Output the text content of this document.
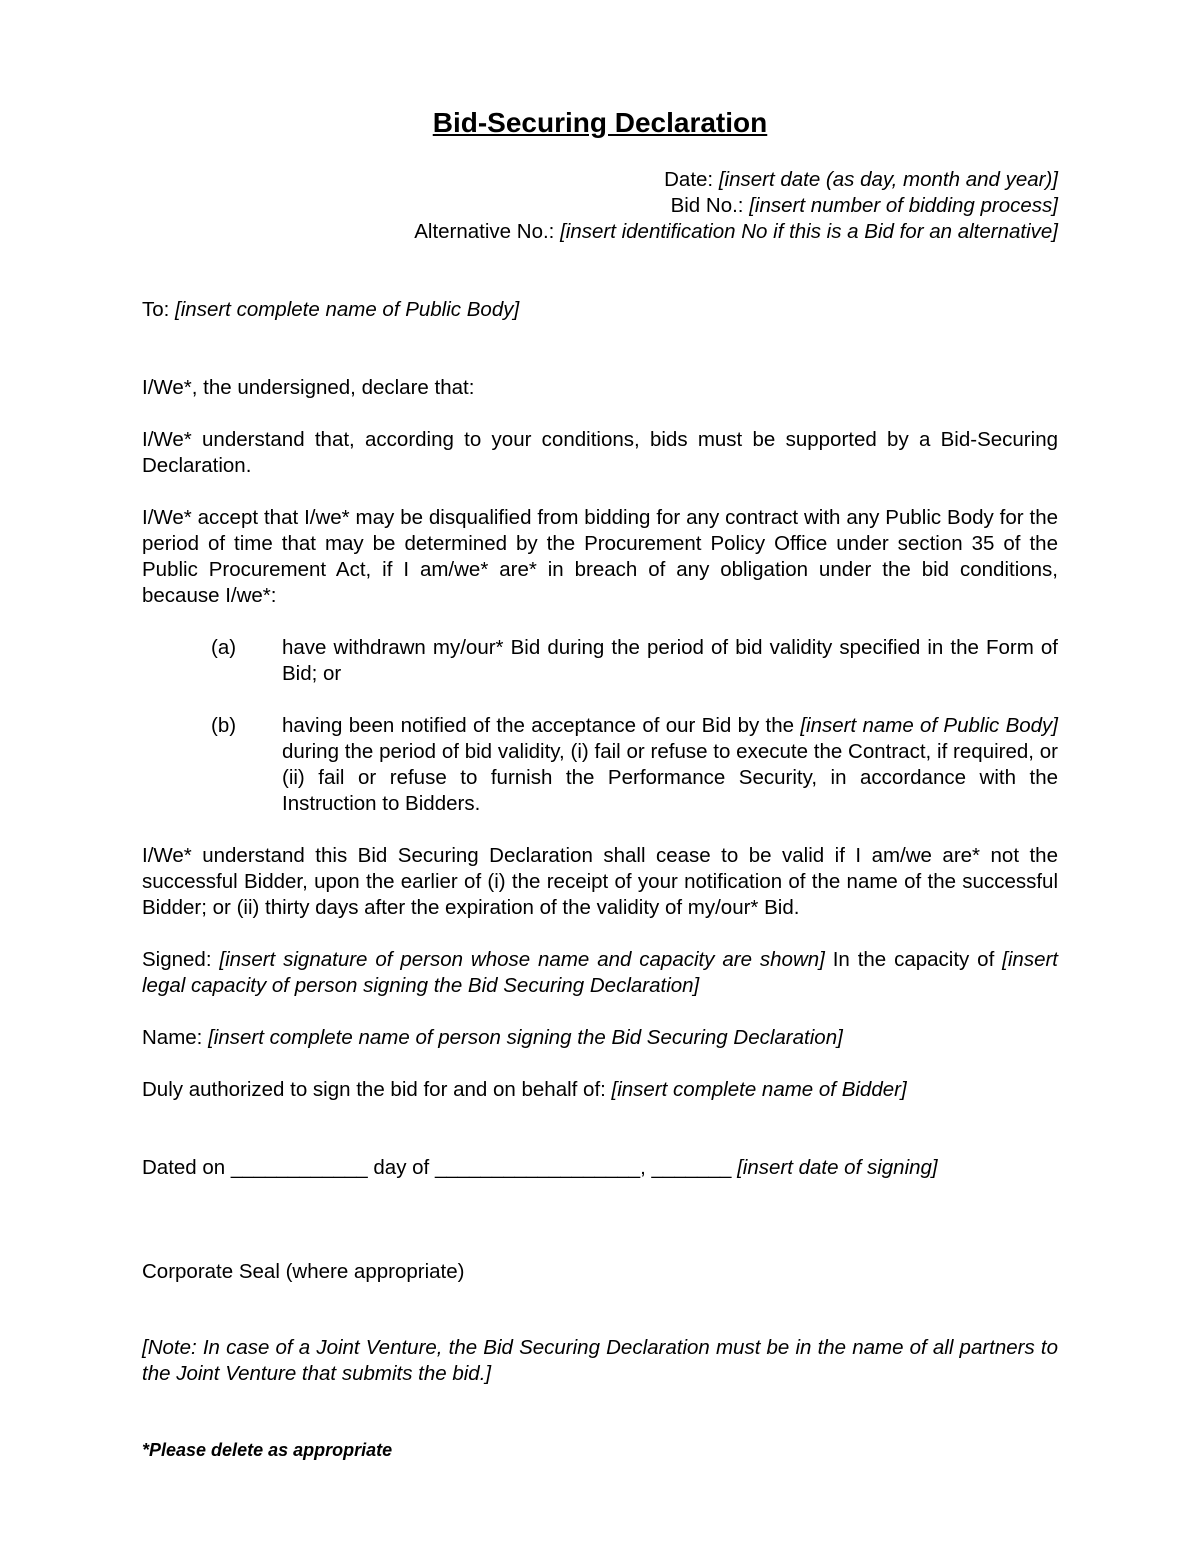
Bid-Securing Declaration
Date: [insert date (as day, month and year)]
Bid No.: [insert number of bidding process]
Alternative No.: [insert identification No if this is a Bid for an alternative]
To: [insert complete name of Public Body]
I/We*, the undersigned, declare that:
I/We* understand that, according to your conditions, bids must be supported by a Bid-Securing Declaration.
I/We* accept that I/we* may be disqualified from bidding for any contract with any Public Body for the period of time that may be determined by the Procurement Policy Office under section 35 of the Public Procurement Act, if I am/we* are* in breach of any obligation under the bid conditions, because I/we*:
(a) have withdrawn my/our* Bid during the period of bid validity specified in the Form of Bid; or
(b) having been notified of the acceptance of our Bid by the [insert name of Public Body] during the period of bid validity, (i) fail or refuse to execute the Contract, if required, or (ii) fail or refuse to furnish the Performance Security, in accordance with the Instruction to Bidders.
I/We* understand this Bid Securing Declaration shall cease to be valid if I am/we are* not the successful Bidder, upon the earlier of (i) the receipt of your notification of the name of the successful Bidder; or (ii) thirty days after the expiration of the validity of my/our* Bid.
Signed: [insert signature of person whose name and capacity are shown] In the capacity of [insert legal capacity of person signing the Bid Securing Declaration]
Name: [insert complete name of person signing the Bid Securing Declaration]
Duly authorized to sign the bid for and on behalf of: [insert complete name of Bidder]
Dated on ____________ day of __________________, _______ [insert date of signing]
Corporate Seal (where appropriate)
[Note: In case of a Joint Venture, the Bid Securing Declaration must be in the name of all partners to the Joint Venture that submits the bid.]
*Please delete as appropriate
